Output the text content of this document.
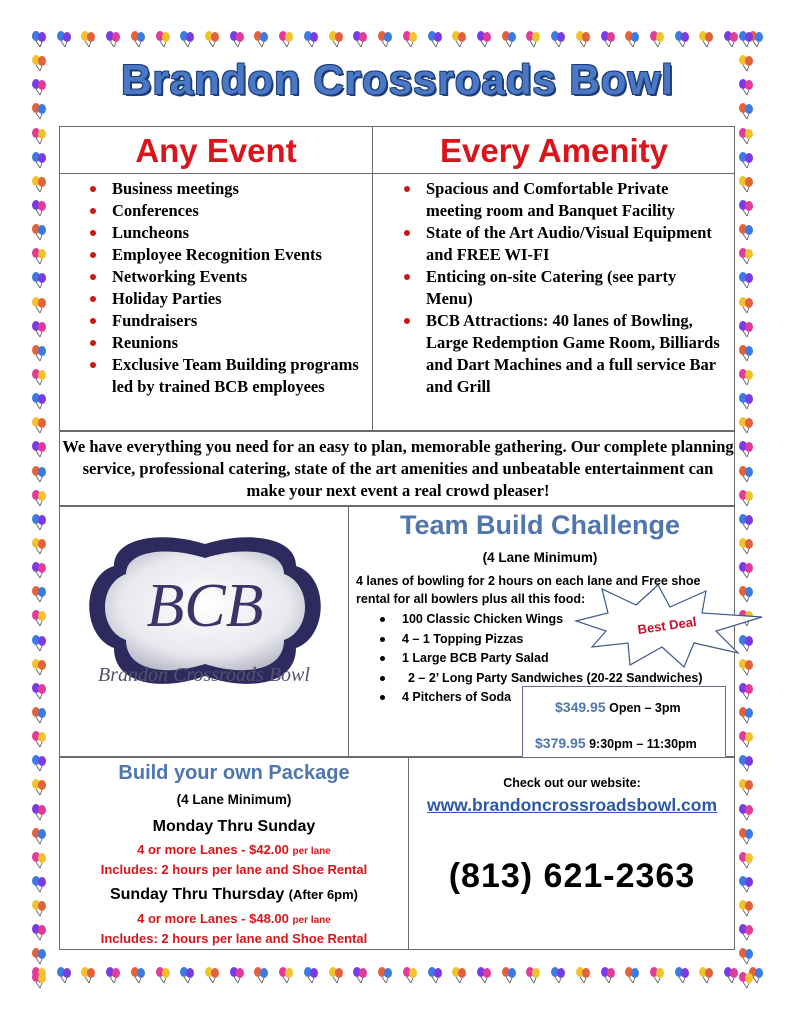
Brandon Crossroads Bowl
Any Event	Every Amenity
Business meetings
Conferences
Luncheons
Employee Recognition Events
Networking Events
Holiday Parties
Fundraisers
Reunions
Exclusive Team Building programs led by trained BCB employees
Spacious and Comfortable Private meeting room and Banquet Facility
State of the Art Audio/Visual Equipment and FREE WI-FI
Enticing on-site Catering (see party Menu)
BCB Attractions: 40 lanes of Bowling, Large Redemption Game Room, Billiards and Dart Machines and a full service Bar and Grill

We have everything you need for an easy to plan, memorable gathering. Our complete planning service, professional catering, state of the art amenities and unbeatable entertainment can make your next event a real crowd pleaser!

BCB
Brandon Crossroads Bowl
Team Build Challenge
(4 Lane Minimum)

4 lanes of bowling for 2 hours on each lane and Free shoe rental for all bowlers plus all this food:

100 Classic Chicken Wings
4 – 1 Topping Pizzas
1 Large BCB Party Salad
2 – 2’ Long Party Sandwiches (20-22 Sandwiches)
4 Pitchers of Soda
Best Deal
$349.95 Open – 3pm
$379.95 9:30pm – 11:30pm
Build your own Package
(4 Lane Minimum)
Monday Thru Sunday
4 or more Lanes - $42.00 per lane
Includes: 2 hours per lane and Shoe Rental
Sunday Thru Thursday (After 6pm)
4 or more Lanes - $48.00 per lane
Includes: 2 hours per lane and Shoe Rental
Check out our website:
www.brandoncrossroadsbowl.com
(813) 621-2363
